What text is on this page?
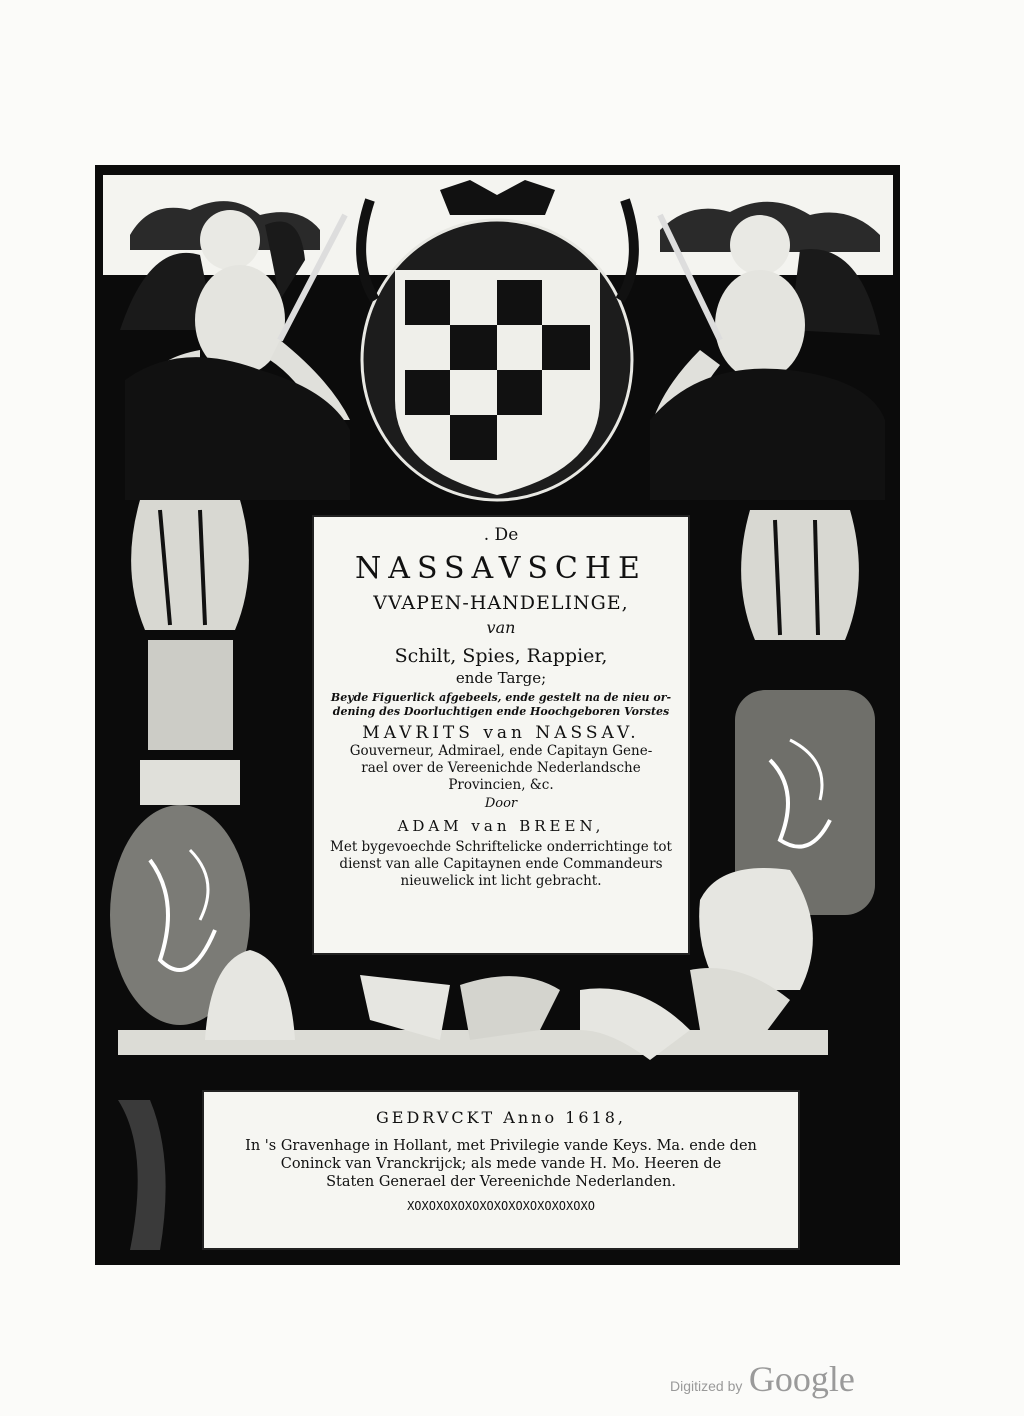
. De
NASSAVSCHE
VVAPEN-HANDELINGE,
van
Schilt, Spies, Rappier,
ende Targe;
Beyde Figuerlick afgebeels, ende gestelt na de nieu or-
dening des Doorluchtigen ende Hoochgeboren Vorstes
MAVRITS van NASSAV.
Gouverneur, Admirael, ende Capitayn Gene-
rael over de Vereenichde Nederlandsche
Provincien, &c.
Door
ADAM van BREEN,
Met bygevoechde Schriftelicke onderrichtinge tot
dienst van alle Capitaynen ende Commandeurs
nieuwelick int licht gebracht.
GEDRVCKT Anno 1618,
In 's Gravenhage in Hollant, met Privilegie vande Keys. Ma. ende den
Coninck van Vranckrijck; als mede vande H. Mo. Heeren de
Staten Generael der Vereenichde Nederlanden.
XOXOXOXOXOXOXOXOXOXOXOXOXO
Digitized by Google
